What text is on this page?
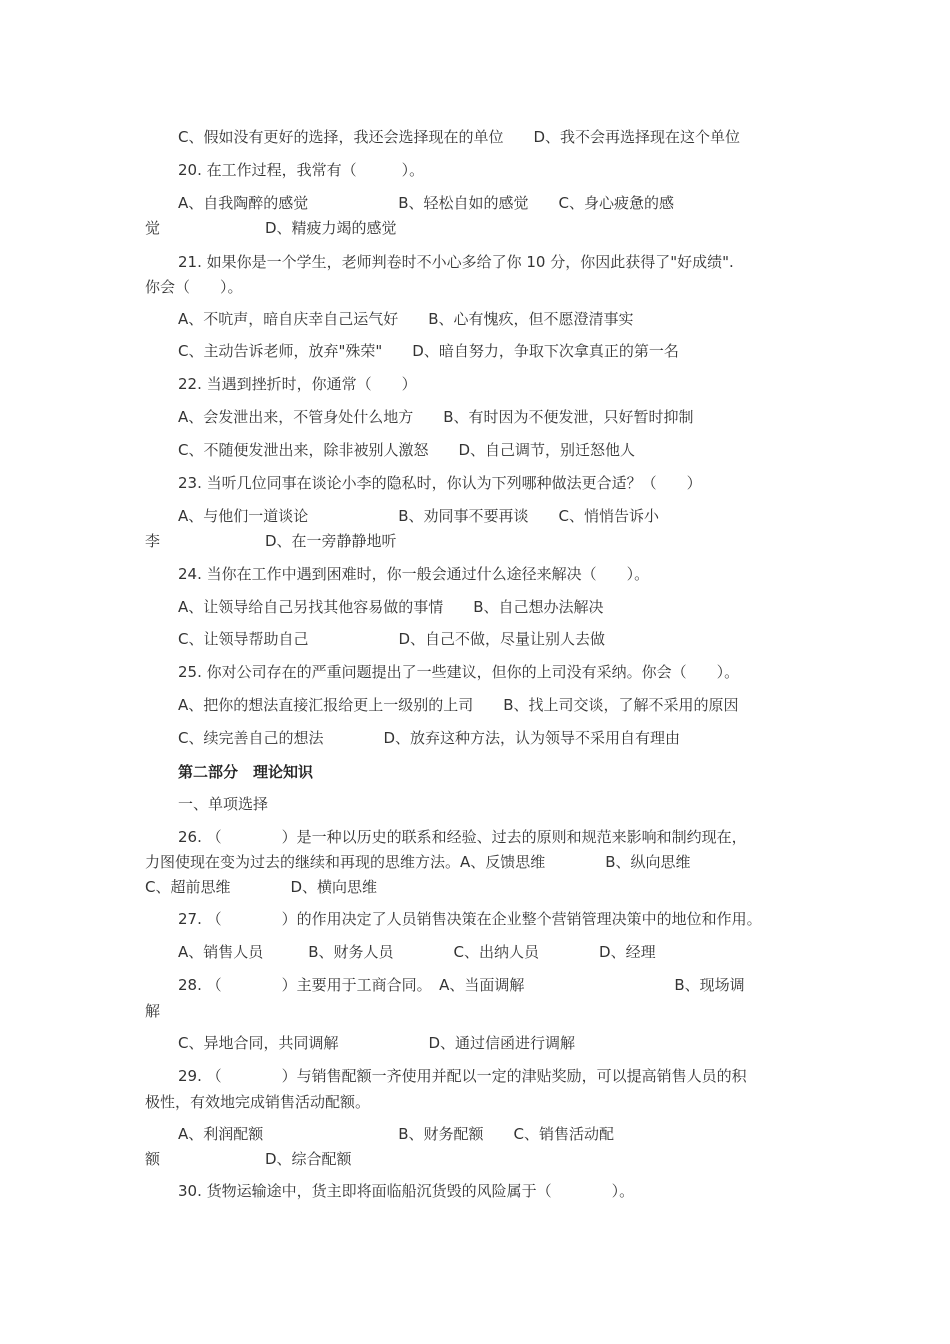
C、假如没有更好的选择，我还会选择现在的单位　　D、我不会再选择现在这个单位
20. 在工作过程，我常有（　　　）。
A、自我陶醉的感觉　　　　　　B、轻松自如的感觉　　C、身心疲惫的感
觉　　　　　　　D、精疲力竭的感觉
21. 如果你是一个学生，老师判卷时不小心多给了你 10 分，你因此获得了"好成绩".
你会（　　）。
A、不吭声，暗自庆幸自己运气好　　B、心有愧疚，但不愿澄清事实
C、主动告诉老师，放弃"殊荣"　　D、暗自努力，争取下次拿真正的第一名
22. 当遇到挫折时，你通常（　　）
A、会发泄出来，不管身处什么地方　　B、有时因为不便发泄，只好暂时抑制
C、不随便发泄出来，除非被别人激怒　　D、自己调节，别迁怒他人
23. 当听几位同事在谈论小李的隐私时，你认为下列哪种做法更合适？（　　）
A、与他们一道谈论　　　　　　B、劝同事不要再谈　　C、悄悄告诉小
李　　　　　　　D、在一旁静静地听
24. 当你在工作中遇到困难时，你一般会通过什么途径来解决（　　）。
A、让领导给自己另找其他容易做的事情　　B、自己想办法解决
C、让领导帮助自己　　　　　　D、自己不做，尽量让别人去做
25. 你对公司存在的严重问题提出了一些建议，但你的上司没有采纳。你会（　　）。
A、把你的想法直接汇报给更上一级别的上司　　B、找上司交谈，了解不采用的原因
C、续完善自己的想法　　　　D、放弃这种方法，认为领导不采用自有理由
第二部分　理论知识
一、单项选择
26. （　　　　）是一种以历史的联系和经验、过去的原则和规范来影响和制约现在，
力图使现在变为过去的继续和再现的思维方法。A、反馈思维　　　　B、纵向思维
C、超前思维　　　　D、横向思维
27. （　　　　）的作用决定了人员销售决策在企业整个营销管理决策中的地位和作用。
A、销售人员　　　B、财务人员　　　　C、出纳人员　　　　D、经理
28. （　　　　）主要用于工商合同。　A、当面调解　　　　　　　　　　B、现场调
解
C、异地合同，共同调解　　　　　　D、通过信函进行调解
29. （　　　　）与销售配额一齐使用并配以一定的津贴奖励，可以提高销售人员的积
极性，有效地完成销售活动配额。
A、利润配额　　　　　　　　　B、财务配额　　C、销售活动配
额　　　　　　　D、综合配额
30. 货物运输途中，货主即将面临船沉货毁的风险属于（　　　　）。
